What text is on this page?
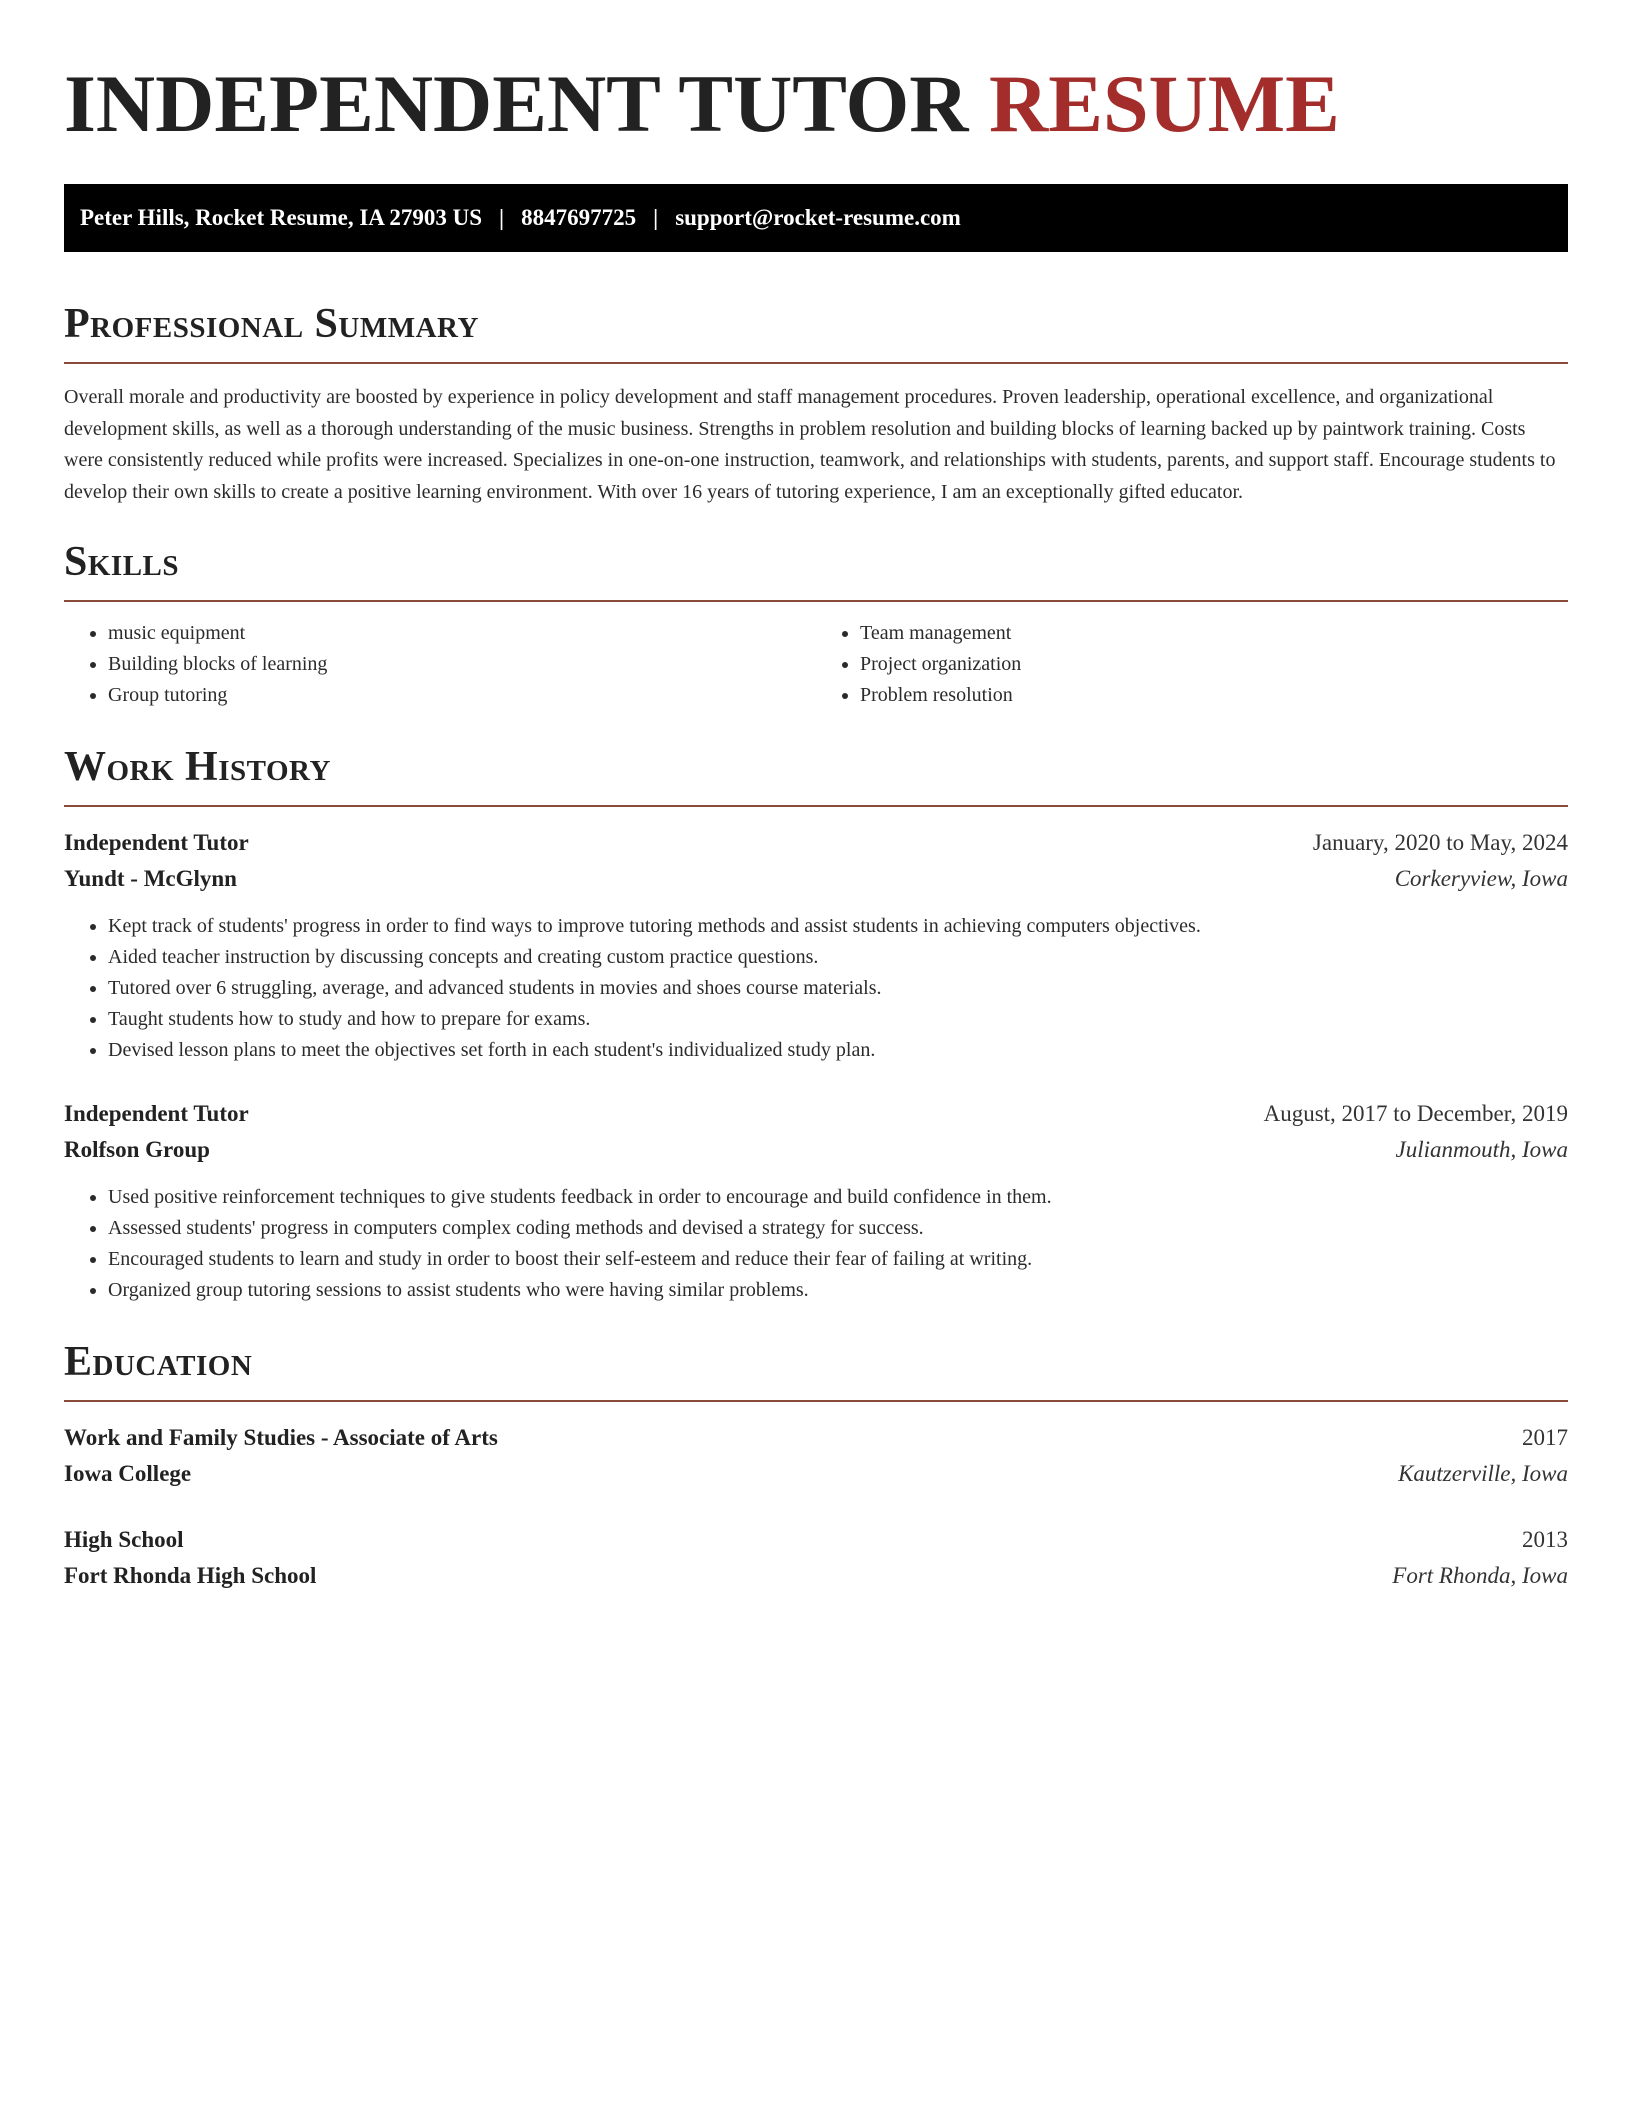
INDEPENDENT TUTOR RESUME
Peter Hills, Rocket Resume, IA 27903 US | 8847697725 | support@rocket-resume.com
Professional Summary

Overall morale and productivity are boosted by experience in policy development and staff management procedures. Proven leadership, operational excellence, and organizational development skills, as well as a thorough understanding of the music business. Strengths in problem resolution and building blocks of learning backed up by paintwork training. Costs were consistently reduced while profits were increased. Specializes in one-on-one instruction, teamwork, and relationships with students, parents, and support staff. Encourage students to develop their own skills to create a positive learning environment. With over 16 years of tutoring experience, I am an exceptionally gifted educator.

Skills
• music equipment
• Building blocks of learning
• Group tutoring
• Team management
• Project organization
• Problem resolution
Work History
Independent Tutor	January, 2020 to May, 2024
Yundt - McGlynn	Corkeryview, Iowa
• Kept track of students' progress in order to find ways to improve tutoring methods and assist students in achieving computers objectives.
• Aided teacher instruction by discussing concepts and creating custom practice questions.
• Tutored over 6 struggling, average, and advanced students in movies and shoes course materials.
• Taught students how to study and how to prepare for exams.
• Devised lesson plans to meet the objectives set forth in each student's individualized study plan.
Independent Tutor	August, 2017 to December, 2019
Rolfson Group	Julianmouth, Iowa
• Used positive reinforcement techniques to give students feedback in order to encourage and build confidence in them.
• Assessed students' progress in computers complex coding methods and devised a strategy for success.
• Encouraged students to learn and study in order to boost their self-esteem and reduce their fear of failing at writing.
• Organized group tutoring sessions to assist students who were having similar problems.
Education
Work and Family Studies - Associate of Arts	2017
Iowa College	Kautzerville, Iowa
High School	2013
Fort Rhonda High School	Fort Rhonda, Iowa
